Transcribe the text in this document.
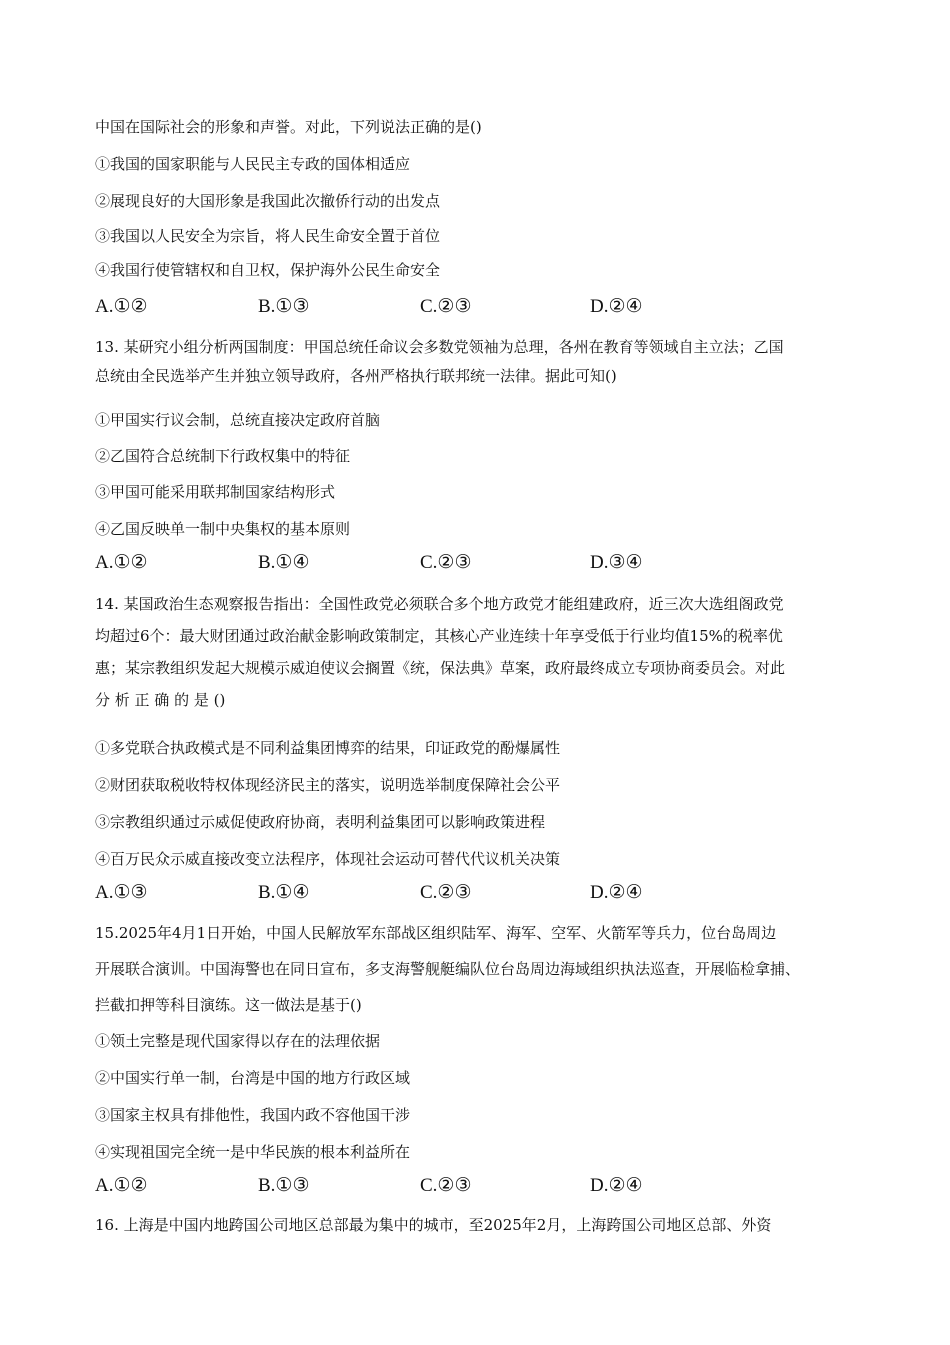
中国在国际社会的形象和声誉。对此，下列说法正确的是()
①我国的国家职能与人民民主专政的国体相适应
②展现良好的大国形象是我国此次撤侨行动的出发点
③我国以人民安全为宗旨，将人民生命安全置于首位
④我国行使管辖权和自卫权，保护海外公民生命安全
A.①②	B.①③	C.②③	D.②④
13. 某研究小组分析两国制度：甲国总统任命议会多数党领袖为总理，各州在教育等领域自主立法；乙国
总统由全民选举产生并独立领导政府，各州严格执行联邦统一法律。据此可知()
①甲国实行议会制，总统直接决定政府首脑
②乙国符合总统制下行政权集中的特征
③甲国可能采用联邦制国家结构形式
④乙国反映单一制中央集权的基本原则
A.①②	B.①④	C.②③	D.③④
14. 某国政治生态观察报告指出：全国性政党必须联合多个地方政党才能组建政府，近三次大选组阁政党
均超过6个：最大财团通过政治献金影响政策制定，其核心产业连续十年享受低于行业均值15%的税率优
惠；某宗教组织发起大规模示威迫使议会搁置《统，保法典》草案，政府最终成立专项协商委员会。对此
分 析 正 确 的 是 ()
①多党联合执政模式是不同利益集团博弈的结果，印证政党的酚爆属性
②财团获取税收特权体现经济民主的落实，说明选举制度保障社会公平
③宗教组织通过示威促使政府协商，表明利益集团可以影响政策进程
④百万民众示威直接改变立法程序，体现社会运动可替代代议机关决策
A.①③	B.①④	C.②③	D.②④
15.2025年4月1日开始，中国人民解放军东部战区组织陆军、海军、空军、火箭军等兵力，位台岛周边
开展联合演训。中国海警也在同日宣布，多支海警舰艇编队位台岛周边海域组织执法巡查，开展临检拿捕、
拦截扣押等科目演练。这一做法是基于()
①领土完整是现代国家得以存在的法理依据
②中国实行单一制，台湾是中国的地方行政区域
③国家主权具有排他性，我国内政不容他国干涉
④实现祖国完全统一是中华民族的根本利益所在
A.①②	B.①③	C.②③	D.②④
16. 上海是中国内地跨国公司地区总部最为集中的城市，至2025年2月，上海跨国公司地区总部、外资
